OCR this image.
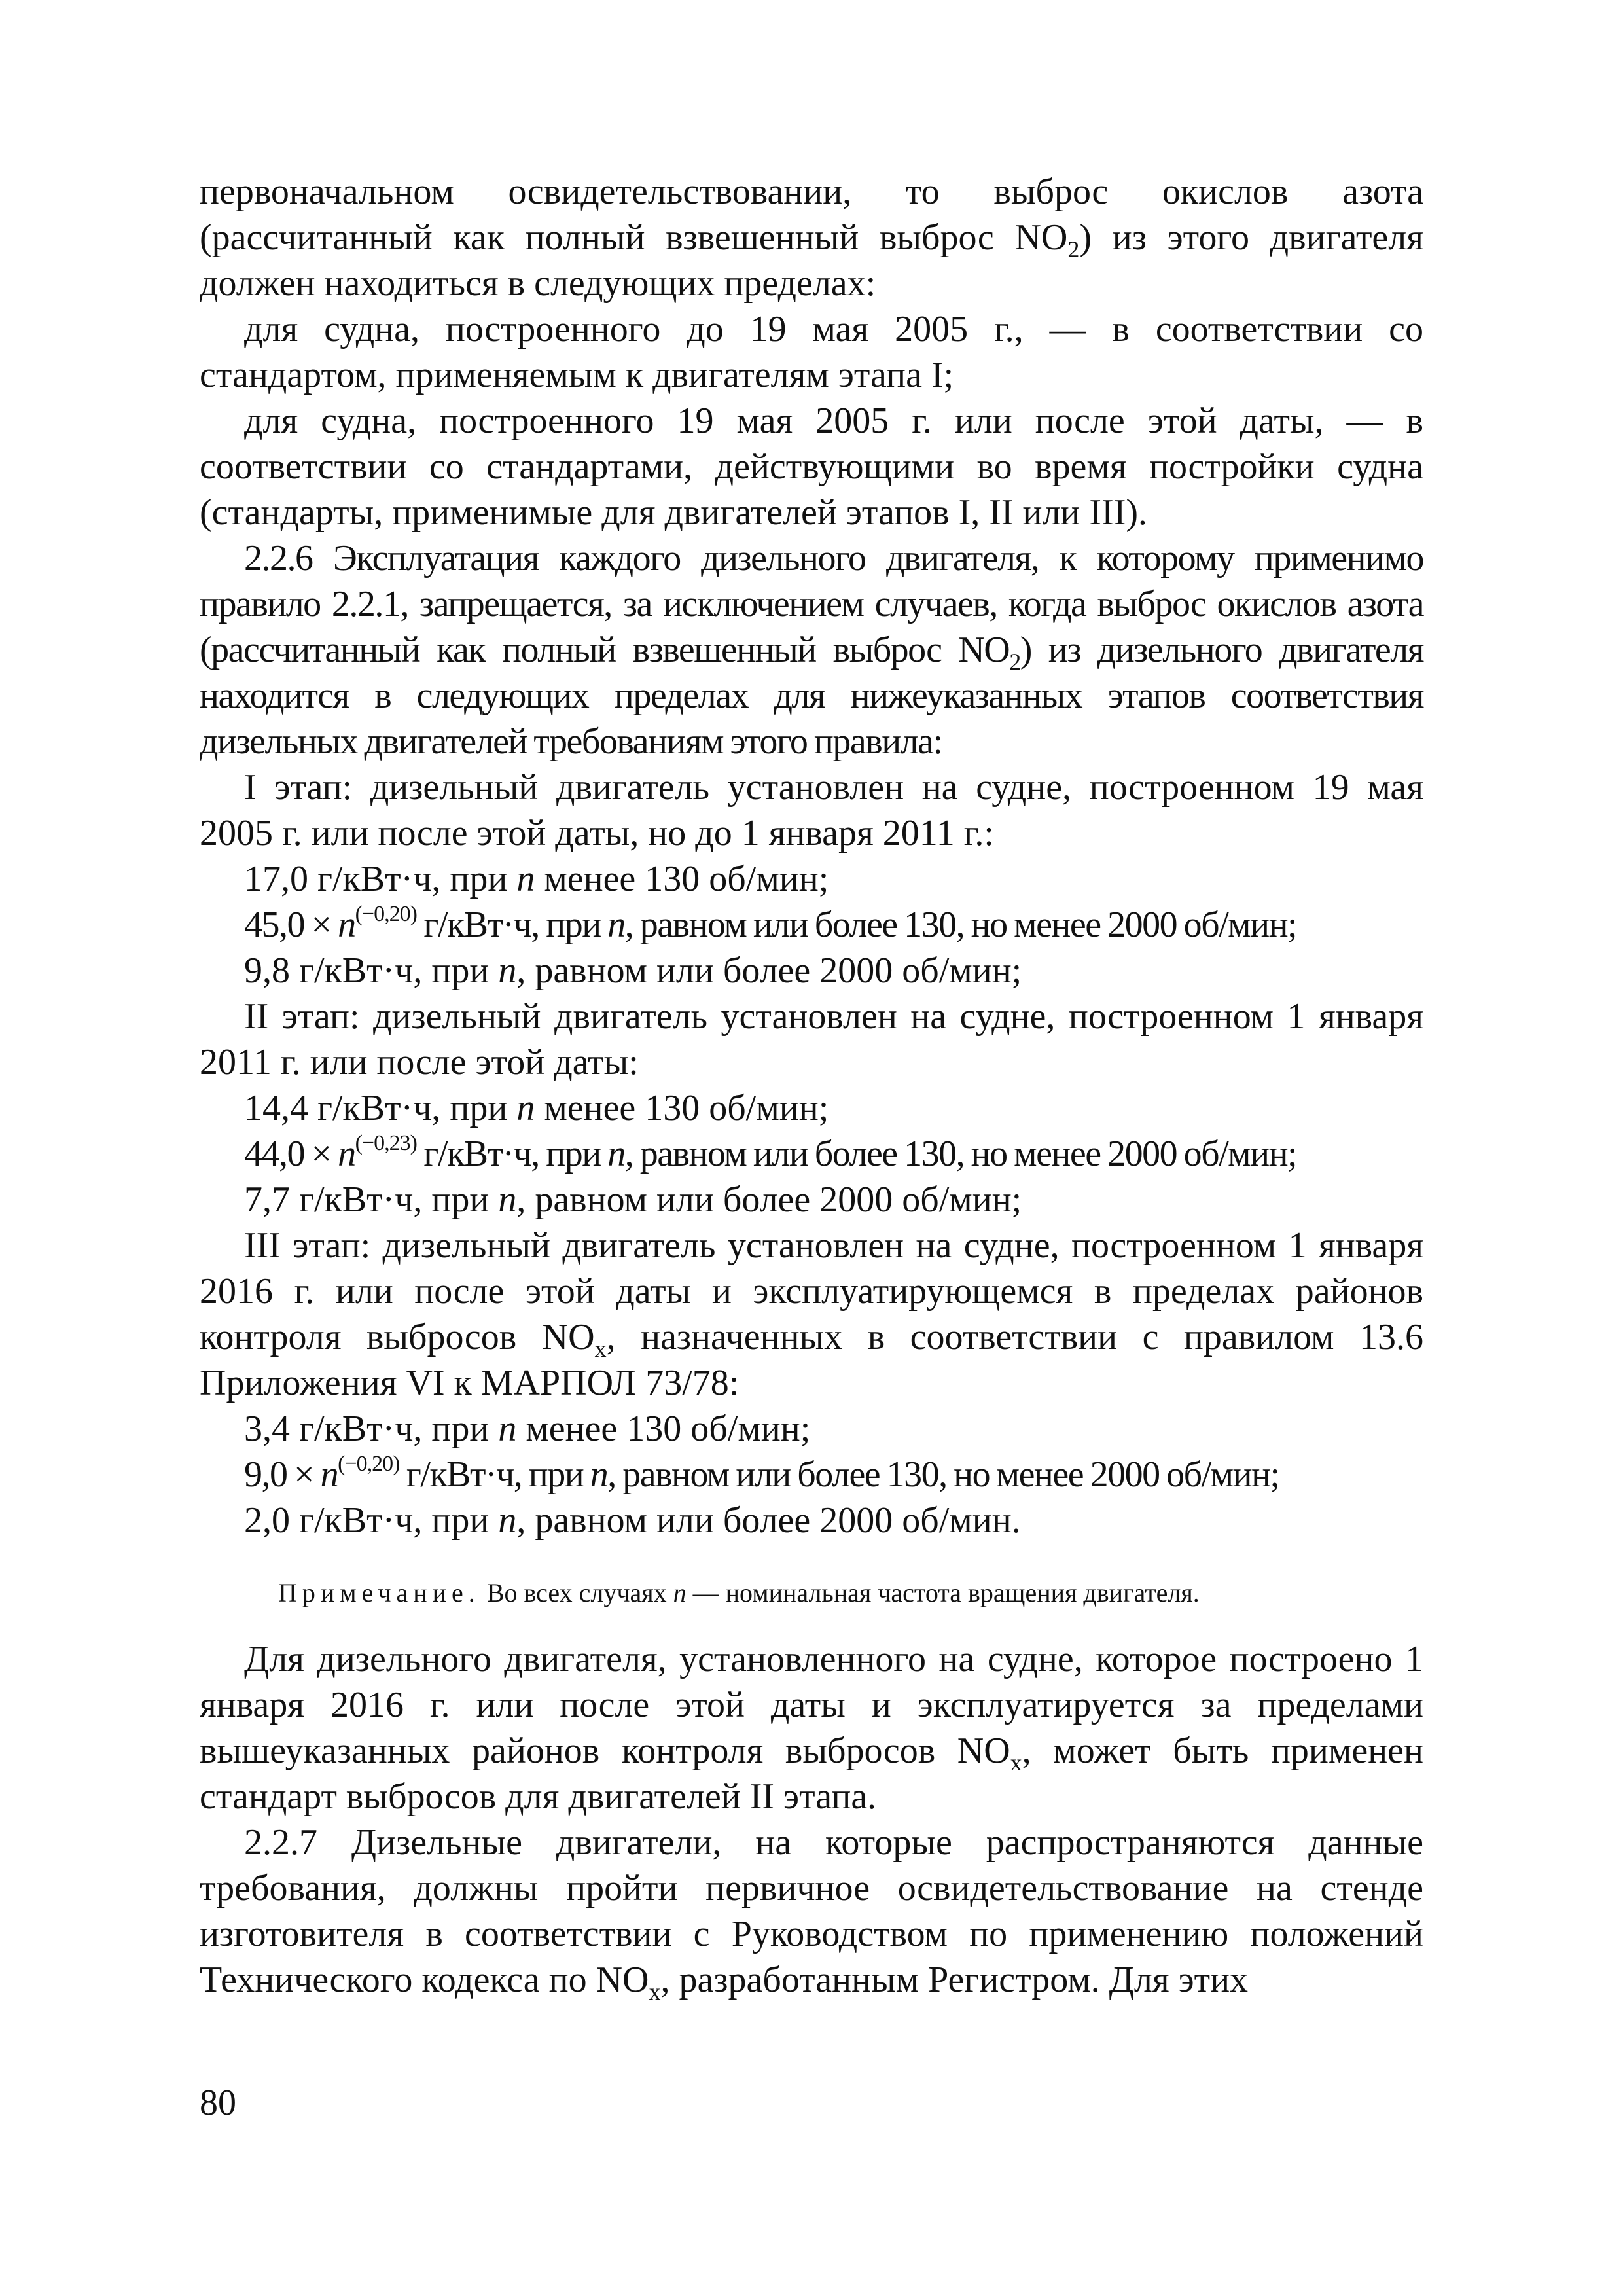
первоначальном освидетельствовании, то выброс окислов азота (рассчитанный как полный взвешенный выброс $NO_2$) из этого двигателя должен находиться в следующих пределах:

для судна, построенного до 19 мая 2005 г., — в соответствии со стандартом, применяемым к двигателям этапа I;

для судна, построенного 19 мая 2005 г. или после этой даты, — в соответствии со стандартами, действующими во время постройки судна (стандарты, применимые для двигателей этапов I, II или III).

2.2.6 Эксплуатация каждого дизельного двигателя, к которому применимо правило 2.2.1, запрещается, за исключением случаев, когда выброс окислов азота (рассчитанный как полный взвешенный выброс $NO_2$) из дизельного двигателя находится в следующих пределах для нижеуказанных этапов соответствия дизельных двигателей требованиям этого правила:

I этап: дизельный двигатель установлен на судне, построенном 19 мая 2005 г. или после этой даты, но до 1 января 2011 г.:

17,0 г/кВт·ч, при n менее 130 об/мин;

$45,0 \times n^{(-0,20)}$ г/кВт·ч, при n, равном или более 130, но менее 2000 об/мин;

9,8 г/кВт·ч, при n, равном или более 2000 об/мин;

II этап: дизельный двигатель установлен на судне, построенном 1 января 2011 г. или после этой даты:

14,4 г/кВт·ч, при n менее 130 об/мин;

$44,0 \times n^{(-0,23)}$ г/кВт·ч, при n, равном или более 130, но менее 2000 об/мин;

7,7 г/кВт·ч, при n, равном или более 2000 об/мин;

III этап: дизельный двигатель установлен на судне, построенном 1 января 2016 г. или после этой даты и эксплуатирующемся в пределах районов контроля выбросов $NO_x$, назначенных в соответствии с правилом 13.6 Приложения VI к МАРПОЛ 73/78:

3,4 г/кВт·ч, при n менее 130 об/мин;

$9,0 \times n^{(-0,20)}$ г/кВт·ч, при n, равном или более 130, но менее 2000 об/мин;

2,0 г/кВт·ч, при n, равном или более 2000 об/мин.

Примечание. Во всех случаях n — номинальная частота вращения двигателя.

Для дизельного двигателя, установленного на судне, которое построено 1 января 2016 г. или после этой даты и эксплуатируется за пределами вышеуказанных районов контроля выбросов $NO_x$, может быть применен стандарт выбросов для двигателей II этапа.

2.2.7 Дизельные двигатели, на которые распространяются данные требования, должны пройти первичное освидетельствование на стенде изготовителя в соответствии с Руководством по применению положений Технического кодекса по $NO_x$, разработанным Регистром. Для этих

80
